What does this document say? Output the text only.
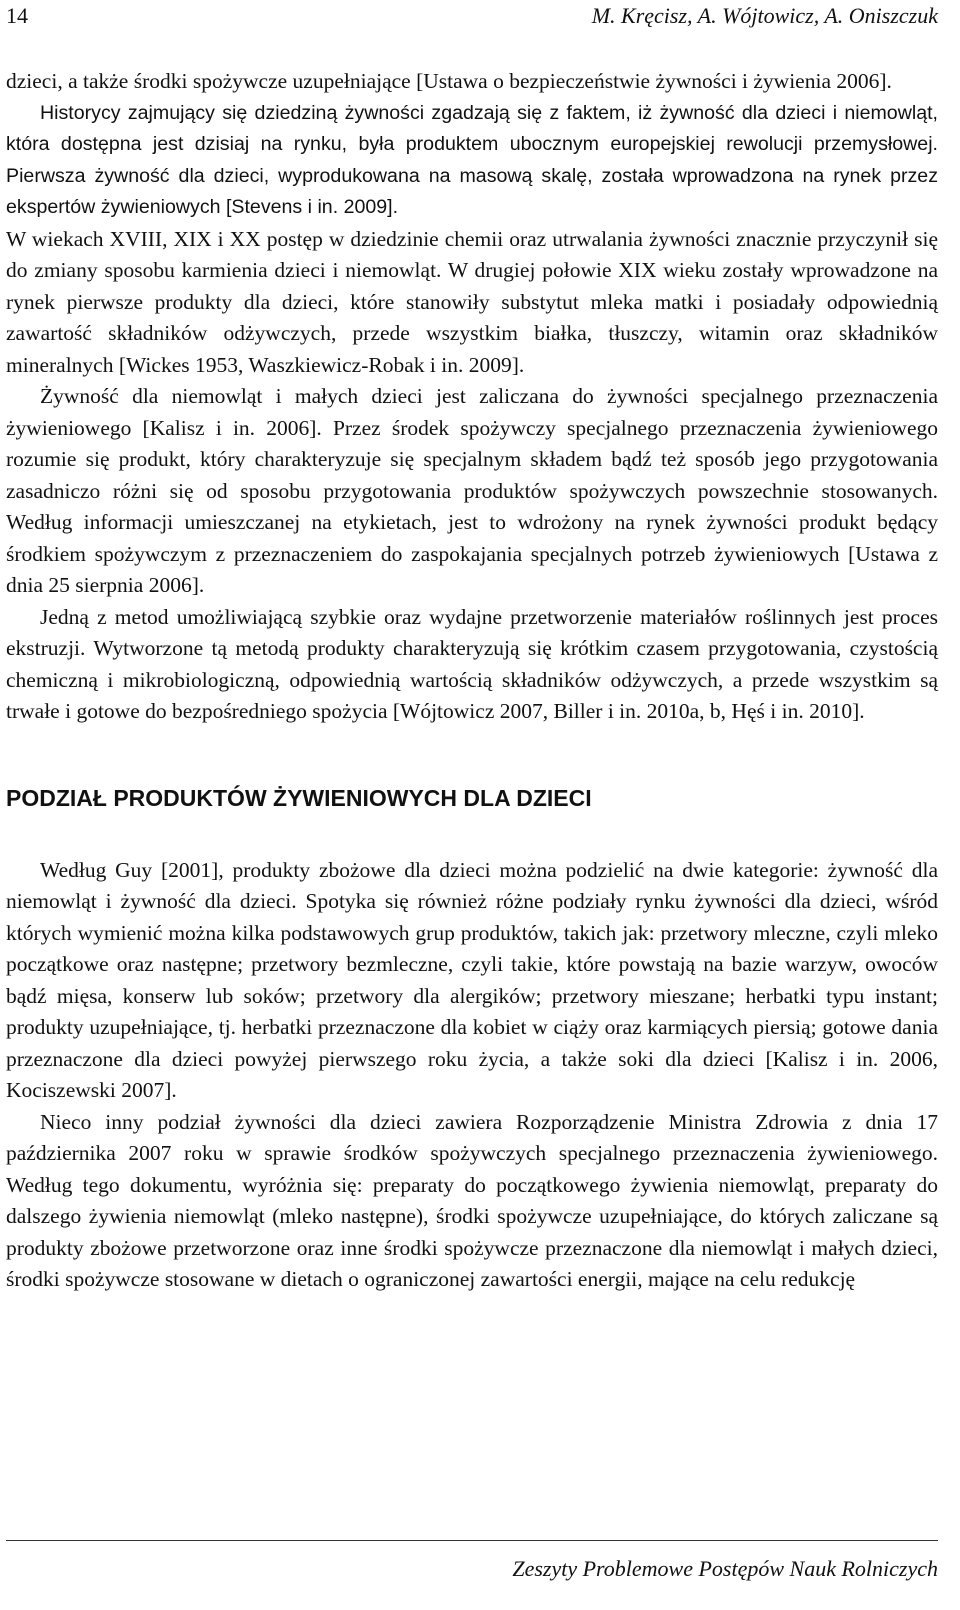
14	M. Kręcisz, A. Wójtowicz, A. Oniszczuk

dzieci, a także środki spożywcze uzupełniające [Ustawa o bezpieczeństwie żywności i żywienia 2006].

Historycy zajmujący się dziedziną żywności zgadzają się z faktem, iż żywność dla dzieci i niemowląt, która dostępna jest dzisiaj na rynku, była produktem ubocznym europejskiej rewolucji przemysłowej. Pierwsza żywność dla dzieci, wyprodukowana na masową skalę, została wprowadzona na rynek przez ekspertów żywieniowych [Stevens i in. 2009].

W wiekach XVIII, XIX i XX postęp w dziedzinie chemii oraz utrwalania żywności znacznie przyczynił się do zmiany sposobu karmienia dzieci i niemowląt. W drugiej połowie XIX wieku zostały wprowadzone na rynek pierwsze produkty dla dzieci, które stanowiły substytut mleka matki i posiadały odpowiednią zawartość składników odżywczych, przede wszystkim białka, tłuszczy, witamin oraz składników mineralnych [Wickes 1953, Waszkiewicz-Robak i in. 2009].

Żywność dla niemowląt i małych dzieci jest zaliczana do żywności specjalnego przeznaczenia żywieniowego [Kalisz i in. 2006]. Przez środek spożywczy specjalnego przeznaczenia żywieniowego rozumie się produkt, który charakteryzuje się specjalnym składem bądź też sposób jego przygotowania zasadniczo różni się od sposobu przygotowania produktów spożywczych powszechnie stosowanych. Według informacji umieszczanej na etykietach, jest to wdrożony na rynek żywności produkt będący środkiem spożywczym z przeznaczeniem do zaspokajania specjalnych potrzeb żywieniowych [Ustawa z dnia 25 sierpnia 2006].

Jedną z metod umożliwiającą szybkie oraz wydajne przetworzenie materiałów roślinnych jest proces ekstruzji. Wytworzone tą metodą produkty charakteryzują się krótkim czasem przygotowania, czystością chemiczną i mikrobiologiczną, odpowiednią wartością składników odżywczych, a przede wszystkim są trwałe i gotowe do bezpośredniego spożycia [Wójtowicz 2007, Biller i in. 2010a, b, Hęś i in. 2010].

PODZIAŁ PRODUKTÓW ŻYWIENIOWYCH DLA DZIECI

Według Guy [2001], produkty zbożowe dla dzieci można podzielić na dwie kategorie: żywność dla niemowląt i żywność dla dzieci. Spotyka się również różne podziały rynku żywności dla dzieci, wśród których wymienić można kilka podstawowych grup produktów, takich jak: przetwory mleczne, czyli mleko początkowe oraz następne; przetwory bezmleczne, czyli takie, które powstają na bazie warzyw, owoców bądź mięsa, konserw lub soków; przetwory dla alergików; przetwory mieszane; herbatki typu instant; produkty uzupełniające, tj. herbatki przeznaczone dla kobiet w ciąży oraz karmiących piersią; gotowe dania przeznaczone dla dzieci powyżej pierwszego roku życia, a także soki dla dzieci [Kalisz i in. 2006, Kociszewski 2007].

Nieco inny podział żywności dla dzieci zawiera Rozporządzenie Ministra Zdrowia z dnia 17 października 2007 roku w sprawie środków spożywczych specjalnego przeznaczenia żywieniowego. Według tego dokumentu, wyróżnia się: preparaty do początkowego żywienia niemowląt, preparaty do dalszego żywienia niemowląt (mleko następne), środki spożywcze uzupełniające, do których zaliczane są produkty zbożowe przetworzone oraz inne środki spożywcze przeznaczone dla niemowląt i małych dzieci, środki spożywcze stosowane w dietach o ograniczonej zawartości energii, mające na celu redukcję

Zeszyty Problemowe Postępów Nauk Rolniczych
